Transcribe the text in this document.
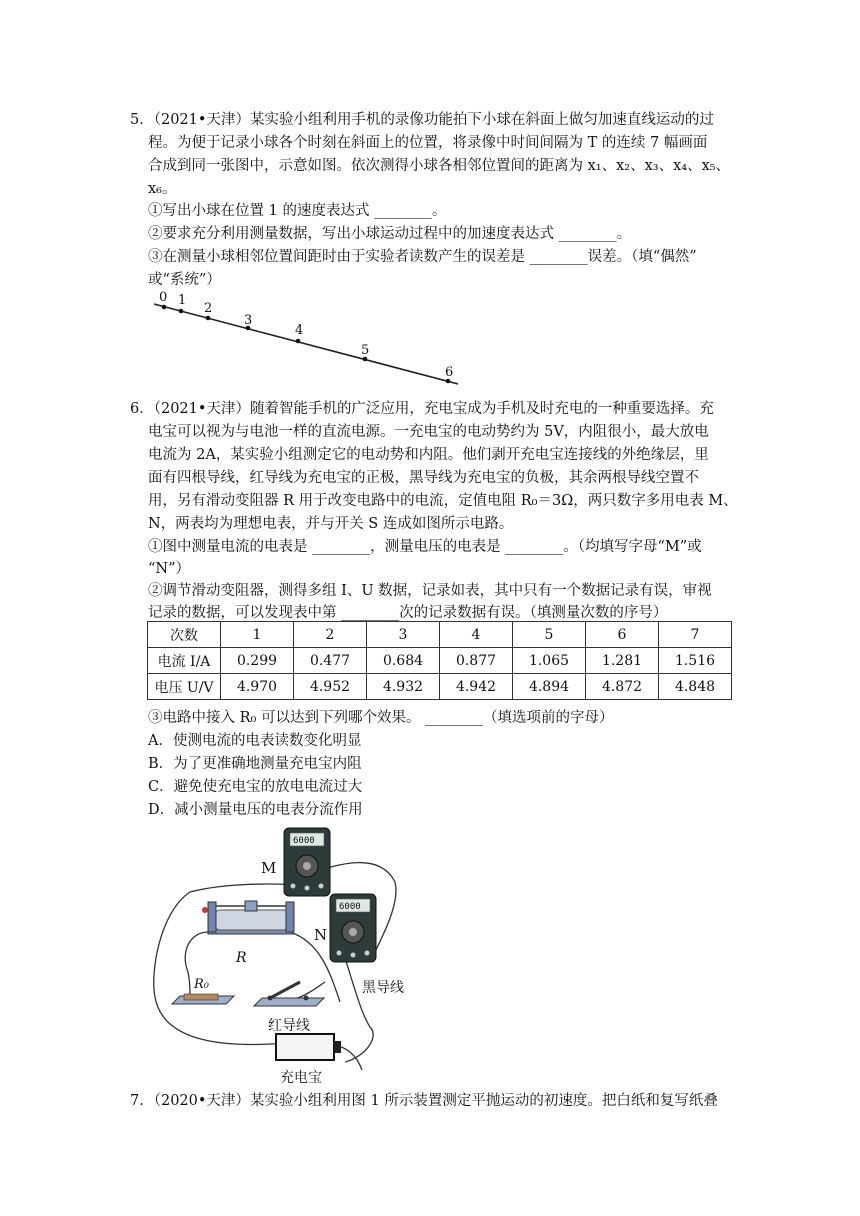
5．（2021•天津）某实验小组利用手机的录像功能拍下小球在斜面上做匀加速直线运动的过
程。为便于记录小球各个时刻在斜面上的位置，将录像中时间间隔为 T 的连续 7 幅画面
合成到同一张图中，示意如图。依次测得小球各相邻位置间的距离为 x₁、x₂、x₃、x₄、x₅、
x₆。
①写出小球在位置 1 的速度表达式 ________。
②要求充分利用测量数据，写出小球运动过程中的加速度表达式 ________。
③在测量小球相邻位置间距时由于实验者读数产生的误差是 ________误差。（填“偶然”
或“系统”）
0 1
2
3
4
5
6
6．（2021•天津）随着智能手机的广泛应用，充电宝成为手机及时充电的一种重要选择。充
电宝可以视为与电池一样的直流电源。一充电宝的电动势约为 5V，内阻很小，最大放电
电流为 2A，某实验小组测定它的电动势和内阻。他们剥开充电宝连接线的外绝缘层，里
面有四根导线，红导线为充电宝的正极，黑导线为充电宝的负极，其余两根导线空置不
用，另有滑动变阻器 R 用于改变电路中的电流，定值电阻 R₀＝3Ω，两只数字多用电表 M、
N，两表均为理想电表，并与开关 S 连成如图所示电路。
①图中测量电流的电表是 ________，测量电压的电表是 ________。（均填写字母“M”或
“N”）
②调节滑动变阻器，测得多组 I、U 数据，记录如表，其中只有一个数据记录有误，审视
记录的数据，可以发现表中第 ________次的记录数据有误。（填测量次数的序号）
次数	1	2	3	4	5	6	7
电流 I/A	0.299	0.477	0.684	0.877	1.065	1.281	1.516
电压 U/V	4.970	4.952	4.932	4.942	4.894	4.872	4.848
③电路中接入 R₀ 可以达到下列哪个效果。 ________（填选项前的字母）
A．使测电流的电表读数变化明显
B．为了更准确地测量充电宝内阻
C．避免使充电宝的放电电流过大
D．减小测量电压的电表分流作用
6000
M
6000
N
R
R₀	黑导线
红导线
充电宝
7．（2020•天津）某实验小组利用图 1 所示装置测定平抛运动的初速度。把白纸和复写纸叠
